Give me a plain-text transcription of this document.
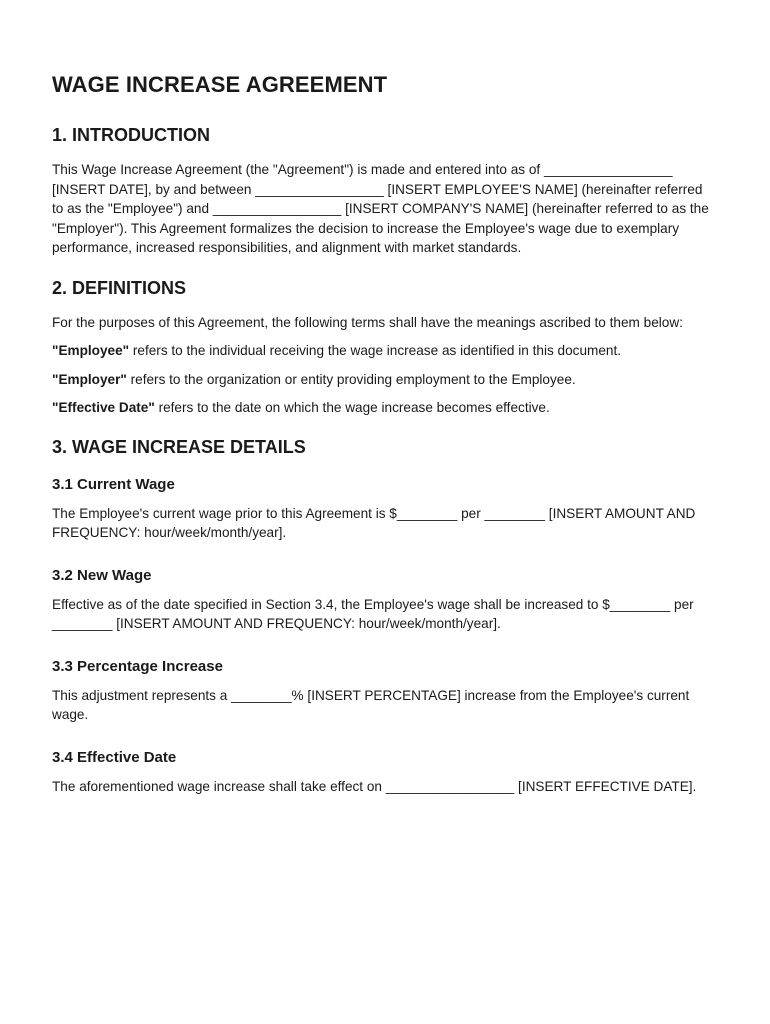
WAGE INCREASE AGREEMENT
1. INTRODUCTION

This Wage Increase Agreement (the "Agreement") is made and entered into as of _________________ [INSERT DATE], by and between _________________ [INSERT EMPLOYEE'S NAME] (hereinafter referred to as the "Employee") and _________________ [INSERT COMPANY'S NAME] (hereinafter referred to as the "Employer"). This Agreement formalizes the decision to increase the Employee's wage due to exemplary performance, increased responsibilities, and alignment with market standards.

2. DEFINITIONS

For the purposes of this Agreement, the following terms shall have the meanings ascribed to them below:

"Employee" refers to the individual receiving the wage increase as identified in this document.

"Employer" refers to the organization or entity providing employment to the Employee.

"Effective Date" refers to the date on which the wage increase becomes effective.

3. WAGE INCREASE DETAILS
3.1 Current Wage

The Employee's current wage prior to this Agreement is $________ per ________ [INSERT AMOUNT AND FREQUENCY: hour/week/month/year].

3.2 New Wage

Effective as of the date specified in Section 3.4, the Employee's wage shall be increased to $________ per ________ [INSERT AMOUNT AND FREQUENCY: hour/week/month/year].

3.3 Percentage Increase

This adjustment represents a ________% [INSERT PERCENTAGE] increase from the Employee's current wage.

3.4 Effective Date

The aforementioned wage increase shall take effect on _________________ [INSERT EFFECTIVE DATE].
